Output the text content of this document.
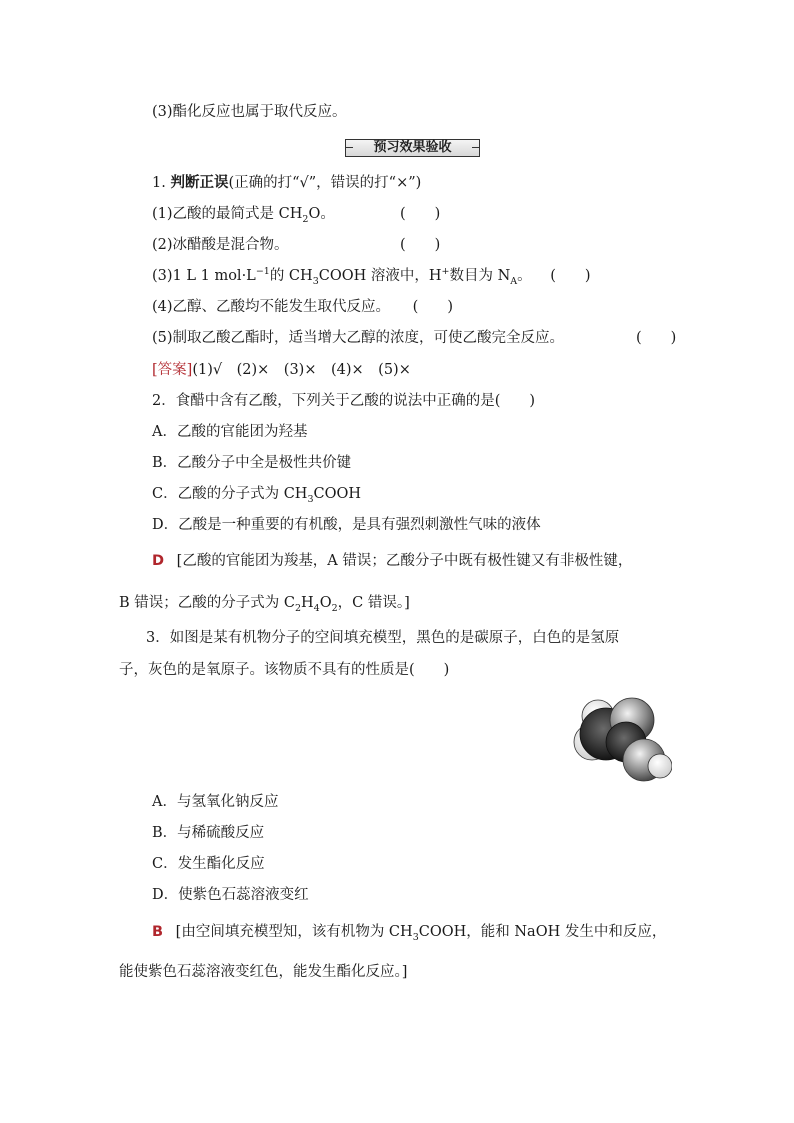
(3)酯化反应也属于取代反应。
预习效果验收
1. 判断正误(正确的打“√”，错误的打“×”)
(1)乙酸的最简式是 $CH_2O$。	(　　)
(2)冰醋酸是混合物。	(　　)
(3)1 L 1 $mol\cdot L^{-1}$的 $CH_3COOH$ 溶液中，H+数目为 $N_A$。 (　　)
(4)乙醇、乙酸均不能发生取代反应。 (　　)
(5)制取乙酸乙酯时，适当增大乙醇的浓度，可使乙酸完全反应。	(　　)
[答案](1)√　(2)×　(3)×　(4)×　(5)×
2．食醋中含有乙酸，下列关于乙酸的说法中正确的是(　　)
A．乙酸的官能团为羟基
B．乙酸分子中全是极性共价键
C．乙酸的分子式为 $CH_3COOH$
D．乙酸是一种重要的有机酸，是具有强烈刺激性气味的液体
D [乙酸的官能团为羧基，A 错误；乙酸分子中既有极性键又有非极性键，
B 错误；乙酸的分子式为 $C_2H_4O_2$，C 错误。]
3．如图是某有机物分子的空间填充模型，黑色的是碳原子，白色的是氢原
子，灰色的是氧原子。该物质不具有的性质是(　　)
A．与氢氧化钠反应
B．与稀硫酸反应
C．发生酯化反应
D．使紫色石蕊溶液变红
B [由空间填充模型知，该有机物为 $CH_3COOH$，能和 NaOH 发生中和反应，
能使紫色石蕊溶液变红色，能发生酯化反应。]
